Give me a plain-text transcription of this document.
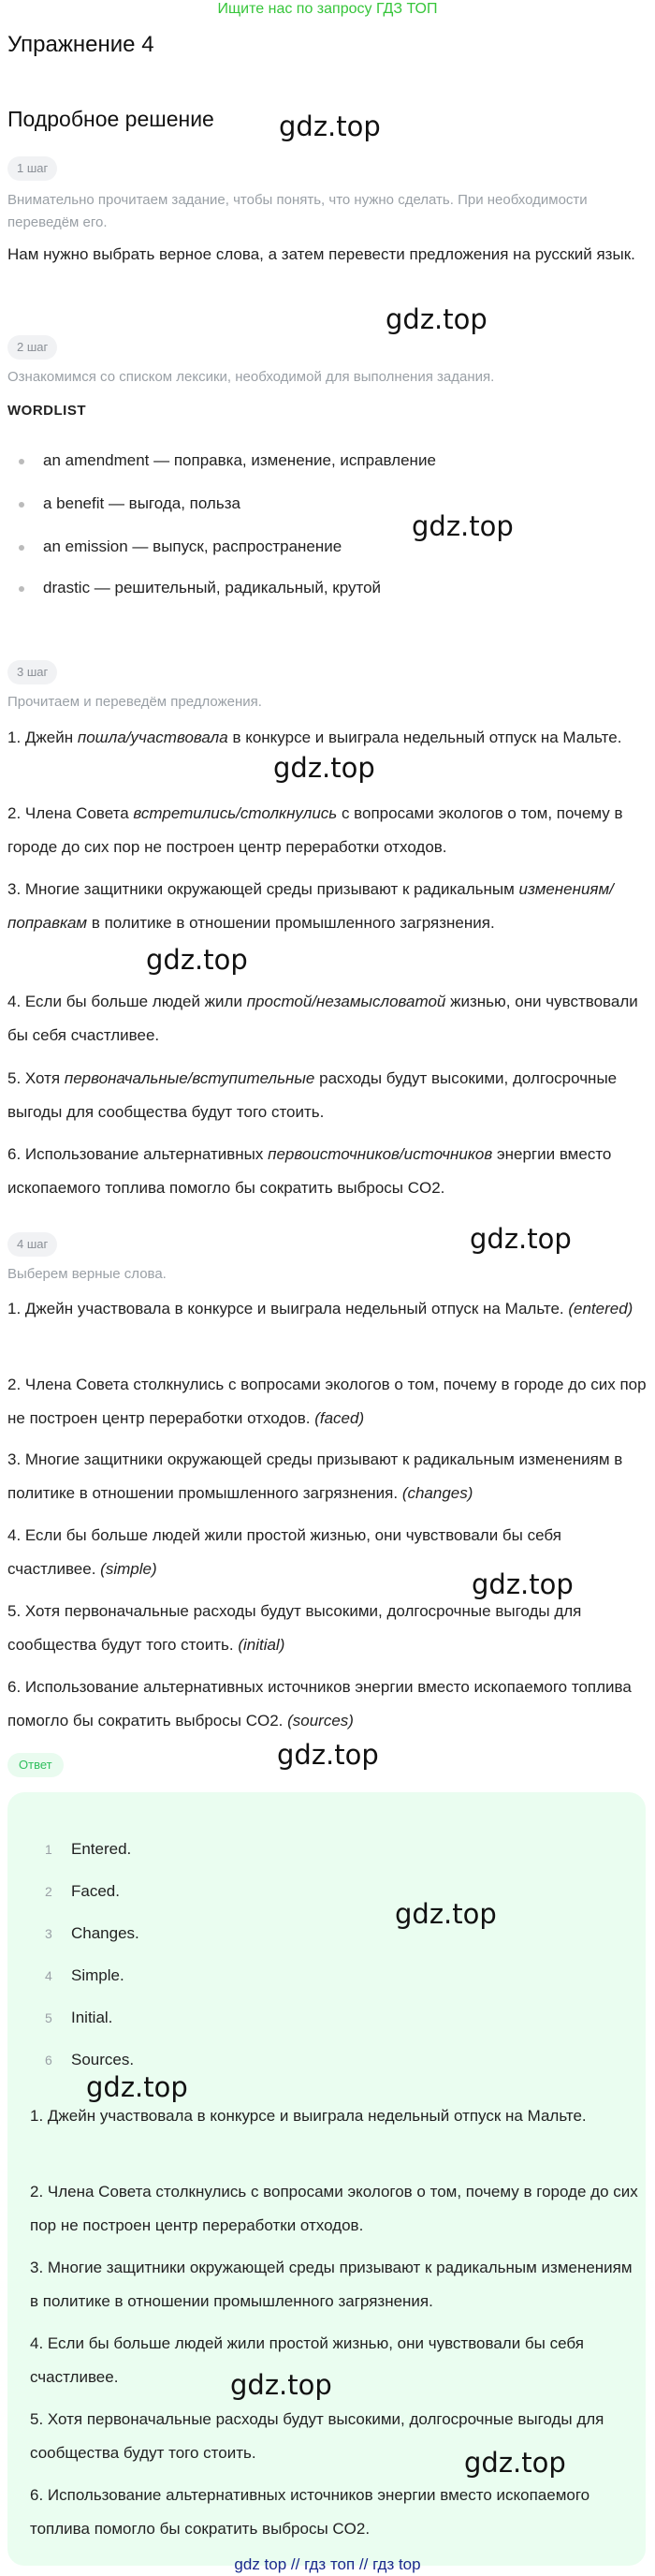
Ищите нас по запросу ГДЗ ТОП
Упражнение 4
Подробное решение gdz.top
gdz.top
gdz.top
gdz.top
gdz.top
gdz.top
gdz.top
gdz.top
1 шаг
Внимательно прочитаем задание, чтобы понять, что нужно сделать. При необходимости переведём его.

Нам нужно выбрать верное слова, а затем перевести предложения на русский язык.

2 шаг
Ознакомимся со списком лексики, необходимой для выполнения задания.
WORDLIST
an amendment — поправка, изменение, исправление
a benefit — выгода, польза
an emission — выпуск, распространение
drastic — решительный, радикальный, крутой
3 шаг
Прочитаем и переведём предложения.

1. Джейн пошла/участвовала в конкурсе и выиграла недельный отпуск на Мальте.

2. Члена Совета встретились/столкнулись с вопросами экологов о том, почему в городе до сих пор не построен центр переработки отходов.

3. Многие защитники окружающей среды призывают к радикальным изменениям/поправкам в политике в отношении промышленного загрязнения.

4. Если бы больше людей жили простой/незамысловатой жизнью, они чувствовали бы себя счастливее.

5. Хотя первоначальные/вступительные расходы будут высокими, долгосрочные выгоды для сообщества будут того стоить.

6. Использование альтернативных первоисточников/источников энергии вместо ископаемого топлива помогло бы сократить выбросы CO2.

4 шаг
Выберем верные слова.

1. Джейн участвовала в конкурсе и выиграла недельный отпуск на Мальте. (entered)

2. Члена Совета столкнулись с вопросами экологов о том, почему в городе до сих пор не построен центр переработки отходов. (faced)

3. Многие защитники окружающей среды призывают к радикальным изменениям в политике в отношении промышленного загрязнения. (changes)

4. Если бы больше людей жили простой жизнью, они чувствовали бы себя счастливее. (simple)

5. Хотя первоначальные расходы будут высокими, долгосрочные выгоды для сообщества будут того стоить. (initial)

6. Использование альтернативных источников энергии вместо ископаемого топлива помогло бы сократить выбросы CO2. (sources)

Ответ
1 Entered.
2 Faced.
3 Changes.
4 Simple.
5 Initial.
6 Sources.
gdz.top
gdz.top

1. Джейн участвовала в конкурсе и выиграла недельный отпуск на Мальте.

2. Члена Совета столкнулись с вопросами экологов о том, почему в городе до сих пор не построен центр переработки отходов.

3. Многие защитники окружающей среды призывают к радикальным изменениям в политике в отношении промышленного загрязнения.

4. Если бы больше людей жили простой жизнью, они чувствовали бы себя счастливее.

5. Хотя первоначальные расходы будут высокими, долгосрочные выгоды для сообщества будут того стоить.

6. Использование альтернативных источников энергии вместо ископаемого топлива помогло бы сократить выбросы CO2.

gdz.top
gdz.top
gdz top // гдз топ // гдз top
